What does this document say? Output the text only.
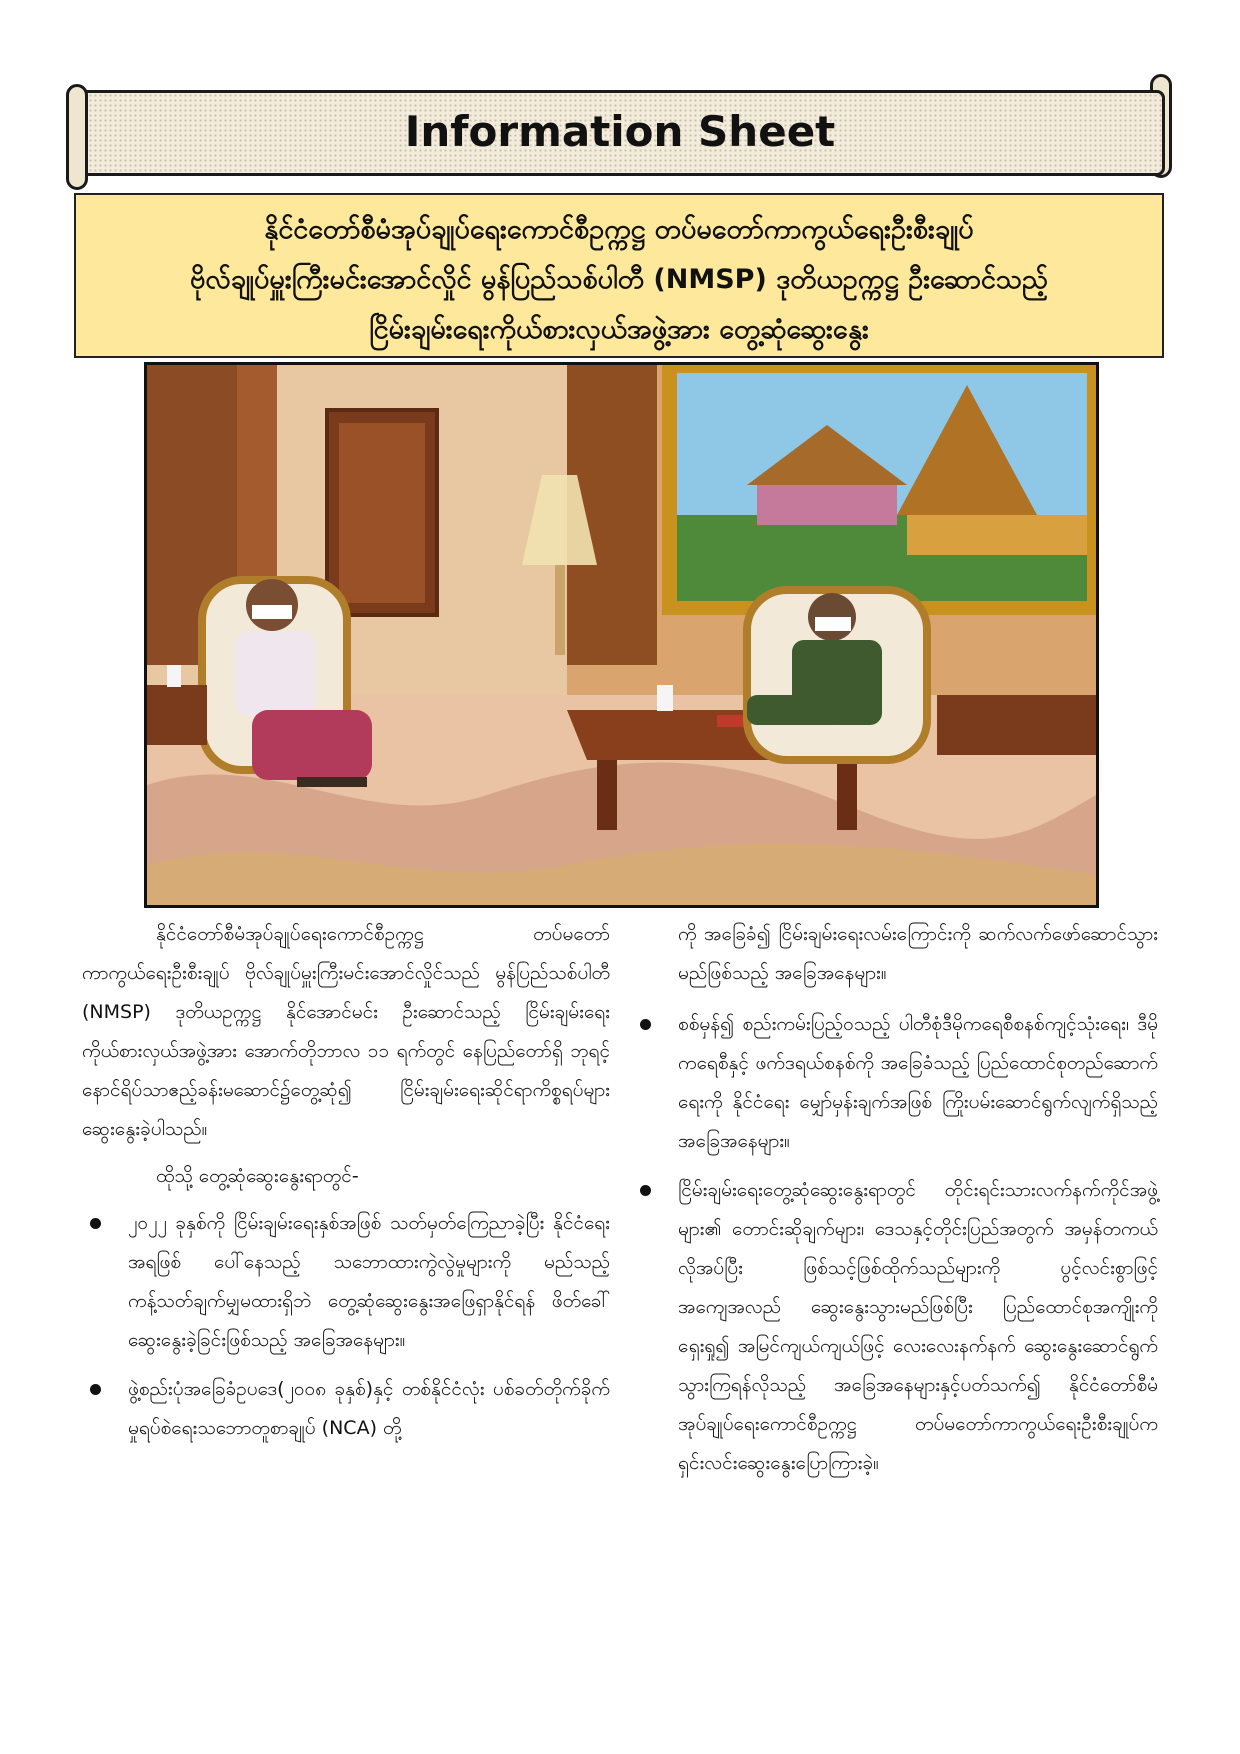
Information Sheet
နိုင်ငံတော်စီမံအုပ်ချုပ်ရေးကောင်စီဥက္ကဋ္ဌ တပ်မတော်ကာကွယ်ရေးဦးစီးချုပ်
ဗိုလ်ချုပ်မှူးကြီးမင်းအောင်လှိုင် မွန်ပြည်သစ်ပါတီ (NMSP) ဒုတိယဥက္ကဋ္ဌ ဦးဆောင်သည့်
ငြိမ်းချမ်းရေးကိုယ်စားလှယ်အဖွဲ့အား တွေ့ဆုံဆွေးနွေး

နိုင်ငံတော်စီမံအုပ်ချုပ်ရေးကောင်စီဥက္ကဋ္ဌ တပ်မတော်ကာကွယ်ရေးဦးစီးချုပ် ဗိုလ်ချုပ်မှူးကြီးမင်းအောင်လှိုင်သည် မွန်ပြည်သစ်ပါတီ (NMSP) ဒုတိယဥက္ကဋ္ဌ နိုင်အောင်မင်း ဦးဆောင်သည့် ငြိမ်းချမ်းရေးကိုယ်စားလှယ်အဖွဲ့အား အောက်တိုဘာလ ၁၁ ရက်တွင် နေပြည်တော်ရှိ ဘုရင့်နောင်ရိပ်သာဧည့်ခန်းမဆောင်၌တွေ့ဆုံ၍ ငြိမ်းချမ်းရေးဆိုင်ရာကိစ္စရပ်များ ဆွေးနွေးခဲ့ပါသည်။

ထိုသို့ တွေ့ဆုံဆွေးနွေးရာတွင်-

၂၀၂၂ ခုနှစ်ကို ငြိမ်းချမ်းရေးနှစ်အဖြစ် သတ်မှတ်ကြေညာခဲ့ပြီး နိုင်ငံရေးအရဖြစ် ပေါ်နေသည့် သဘောထားကွဲလွဲမှုများကို မည်သည့်ကန့်သတ်ချက်မျှမထားရှိဘဲ တွေ့ဆုံဆွေးနွေးအဖြေရှာနိုင်ရန် ဖိတ်ခေါ်ဆွေးနွေးခဲ့ခြင်းဖြစ်သည့် အခြေအနေများ။
ဖွဲ့စည်းပုံအခြေခံဥပဒေ(၂၀၀၈ ခုနှစ်)နှင့် တစ်နိုင်ငံလုံး ပစ်ခတ်တိုက်ခိုက်မှုရပ်စဲရေးသဘောတူစာချုပ် (NCA) တို့

ကို အခြေခံ၍ ငြိမ်းချမ်းရေးလမ်းကြောင်းကို ဆက်လက်ဖော်ဆောင်သွားမည်ဖြစ်သည့် အခြေအနေများ။

စစ်မှန်၍ စည်းကမ်းပြည့်ဝသည့် ပါတီစုံဒီမိုကရေစီစနစ်ကျင့်သုံးရေး၊ ဒီမိုကရေစီနှင့် ဖက်ဒရယ်စနစ်ကို အခြေခံသည့် ပြည်ထောင်စုတည်ဆောက်ရေးကို နိုင်ငံရေး မျှော်မှန်းချက်အဖြစ် ကြိုးပမ်းဆောင်ရွက်လျက်ရှိသည့် အခြေအနေများ။
ငြိမ်းချမ်းရေးတွေ့ဆုံဆွေးနွေးရာတွင် တိုင်းရင်းသားလက်နက်ကိုင်အဖွဲ့များ၏ တောင်းဆိုချက်များ၊ ဒေသနှင့်တိုင်းပြည်အတွက် အမှန်တကယ်လိုအပ်ပြီး ဖြစ်သင့်ဖြစ်ထိုက်သည်များကို ပွင့်လင်းစွာဖြင့် အကျေအလည် ဆွေးနွေးသွားမည်ဖြစ်ပြီး ပြည်ထောင်စုအကျိုးကို ရှေးရှု၍ အမြင်ကျယ်ကျယ်ဖြင့် လေးလေးနက်နက် ဆွေးနွေးဆောင်ရွက်သွားကြရန်လိုသည့် အခြေအနေများနှင့်ပတ်သက်၍ နိုင်ငံတော်စီမံအုပ်ချုပ်ရေးကောင်စီဥက္ကဋ္ဌ တပ်မတော်ကာကွယ်ရေးဦးစီးချုပ်က ရှင်းလင်းဆွေးနွေးပြောကြားခဲ့။
